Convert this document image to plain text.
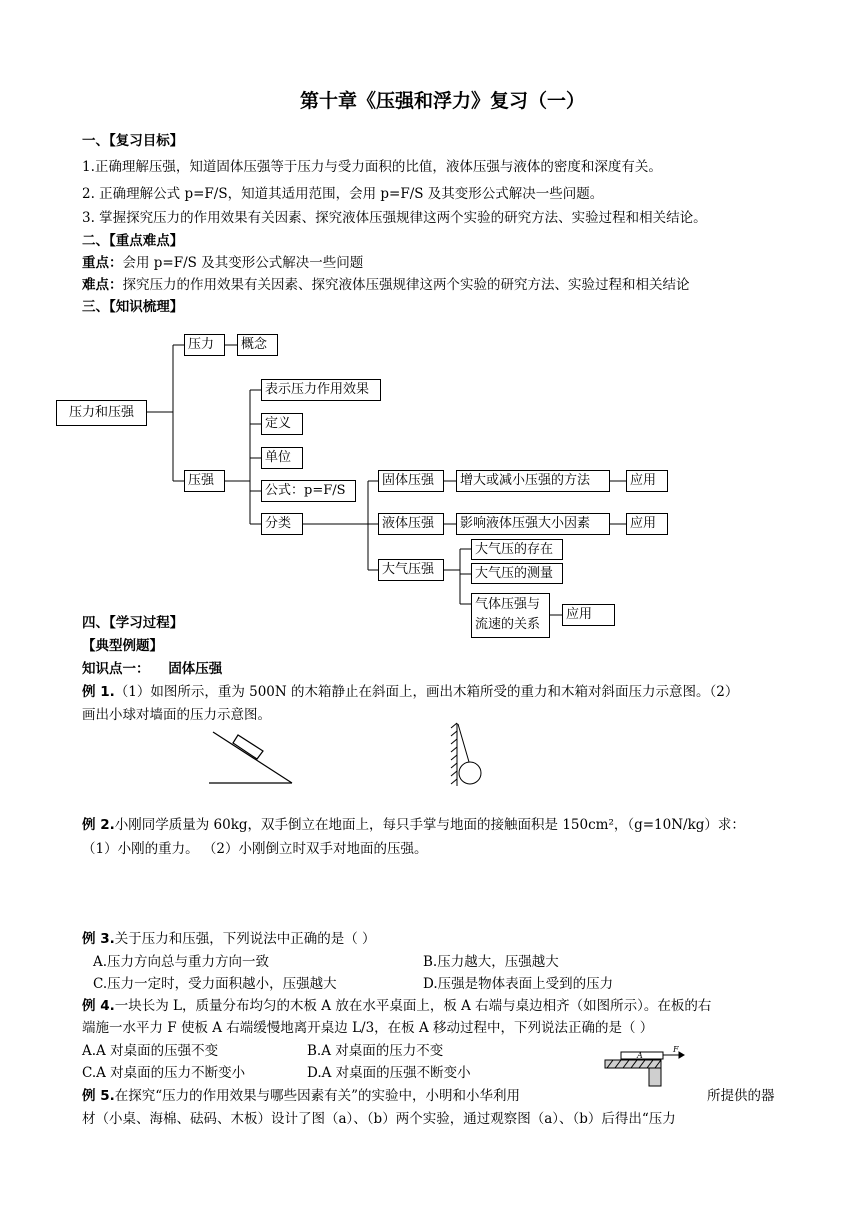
第十章《压强和浮力》复习（一）
一、【复习目标】
1.正确理解压强，知道固体压强等于压力与受力面积的比值，液体压强与液体的密度和深度有关。
2. 正确理解公式 p=F/S，知道其适用范围，会用 p=F/S 及其变形公式解决一些问题。
3. 掌握探究压力的作用效果有关因素、探究液体压强规律这两个实验的研究方法、实验过程和相关结论。
二、【重点难点】
重点：会用 p=F/S 及其变形公式解决一些问题
难点：探究压力的作用效果有关因素、探究液体压强规律这两个实验的研究方法、实验过程和相关结论
三、【知识梳理】
压力和压强
压力	概念
压强
表示压力作用效果
定义
单位
公式：p=F/S
分类
固体压强	增大或减小压强的方法	应用
液体压强	影响液体压强大小因素	应用
大气压强
大气压的存在
大气压的测量
气体压强与流速的关系
应用
四、【学习过程】
【典型例题】
知识点一： 固体压强
例 1.（1）如图所示，重为 500N 的木箱静止在斜面上，画出木箱所受的重力和木箱对斜面压力示意图。（2）
画出小球对墙面的压力示意图。
例 2.小刚同学质量为 60kg，双手倒立在地面上，每只手掌与地面的接触面积是 150cm²，（g=10N/kg）求：
（1）小刚的重力。 （2）小刚倒立时双手对地面的压强。
例 3.关于压力和压强，下列说法中正确的是（ ）
A.压力方向总与重力方向一致	B.压力越大，压强越大
C.压力一定时，受力面积越小，压强越大	D.压强是物体表面上受到的压力
例 4.一块长为 L，质量分布均匀的木板 A 放在水平桌面上，板 A 右端与桌边相齐（如图所示）。在板的右
端施一水平力 F 使板 A 右端缓慢地离开桌边 L/3，在板 A 移动过程中，下列说法正确的是（ ）
A.A 对桌面的压强不变	B.A 对桌面的压力不变
C.A 对桌面的压力不断变小	D.A 对桌面的压强不断变小
A
F
例 5.在探究“压力的作用效果与哪些因素有关”的实验中，小明和小华利用	所提供的器
材（小桌、海棉、砝码、木板）设计了图（a）、（b）两个实验，通过观察图（a）、（b）后得出“压力
